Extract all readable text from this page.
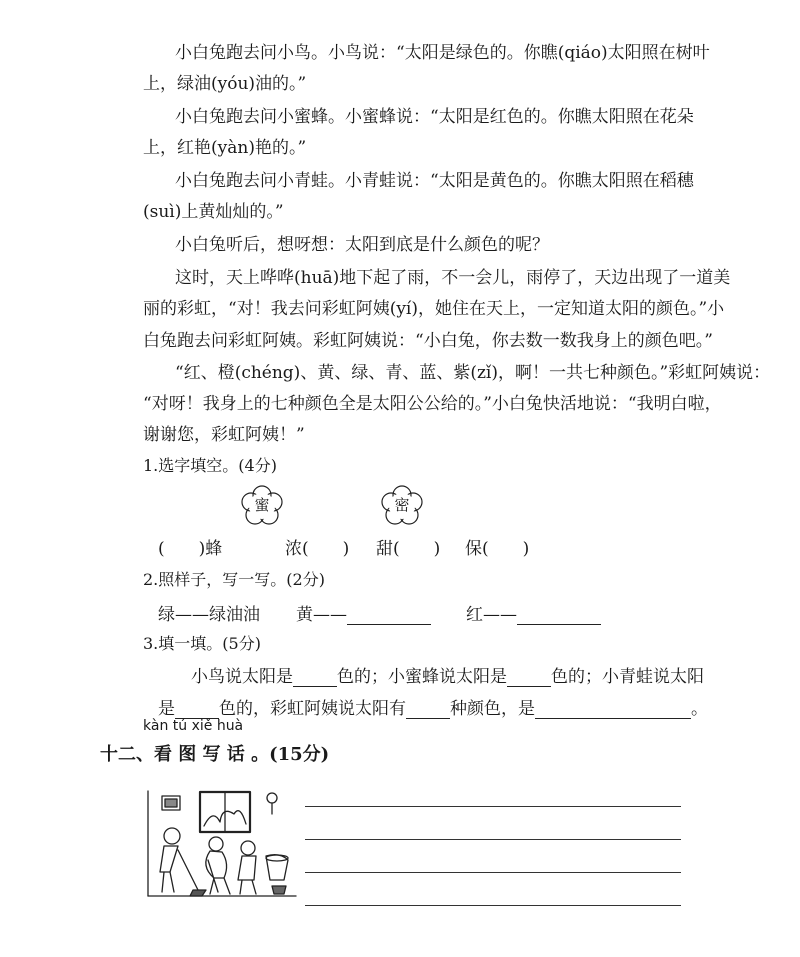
小白兔跑去问小鸟。小鸟说：“太阳是绿色的。你瞧(qiáo)太阳照在树叶
上，绿油(yóu)油的。”
小白兔跑去问小蜜蜂。小蜜蜂说：“太阳是红色的。你瞧太阳照在花朵
上，红艳(yàn)艳的。”
小白兔跑去问小青蛙。小青蛙说：“太阳是黄色的。你瞧太阳照在稻穗
(suì)上黄灿灿的。”
小白兔听后，想呀想：太阳到底是什么颜色的呢？
这时，天上哗哗(huā)地下起了雨，不一会儿，雨停了，天边出现了一道美
丽的彩虹，“对！我去问彩虹阿姨(yí)，她住在天上，一定知道太阳的颜色。”小
白兔跑去问彩虹阿姨。彩虹阿姨说：“小白兔，你去数一数我身上的颜色吧。”
“红、橙(chéng)、黄、绿、青、蓝、紫(zǐ)，啊！一共七种颜色。”彩虹阿姨说：
“对呀！我身上的七种颜色全是太阳公公给的。”小白兔快活地说：“我明白啦，
谢谢您，彩虹阿姨！”
1.选字填空。(4分)
蜜	密
(　　)蜂	浓(　　) 甜(　　) 保(　　)
2.照样子，写一写。(2分)
绿——绿油油 黄——	红——
3.填一填。(5分)
小鸟说太阳是	色的；小蜜蜂说太阳是	色的；小青蛙说太阳
是	色的，彩虹阿姨说太阳有	种颜色，是	。
kàn tú xiě huà
十二、看 图 写 话 。(15分)
